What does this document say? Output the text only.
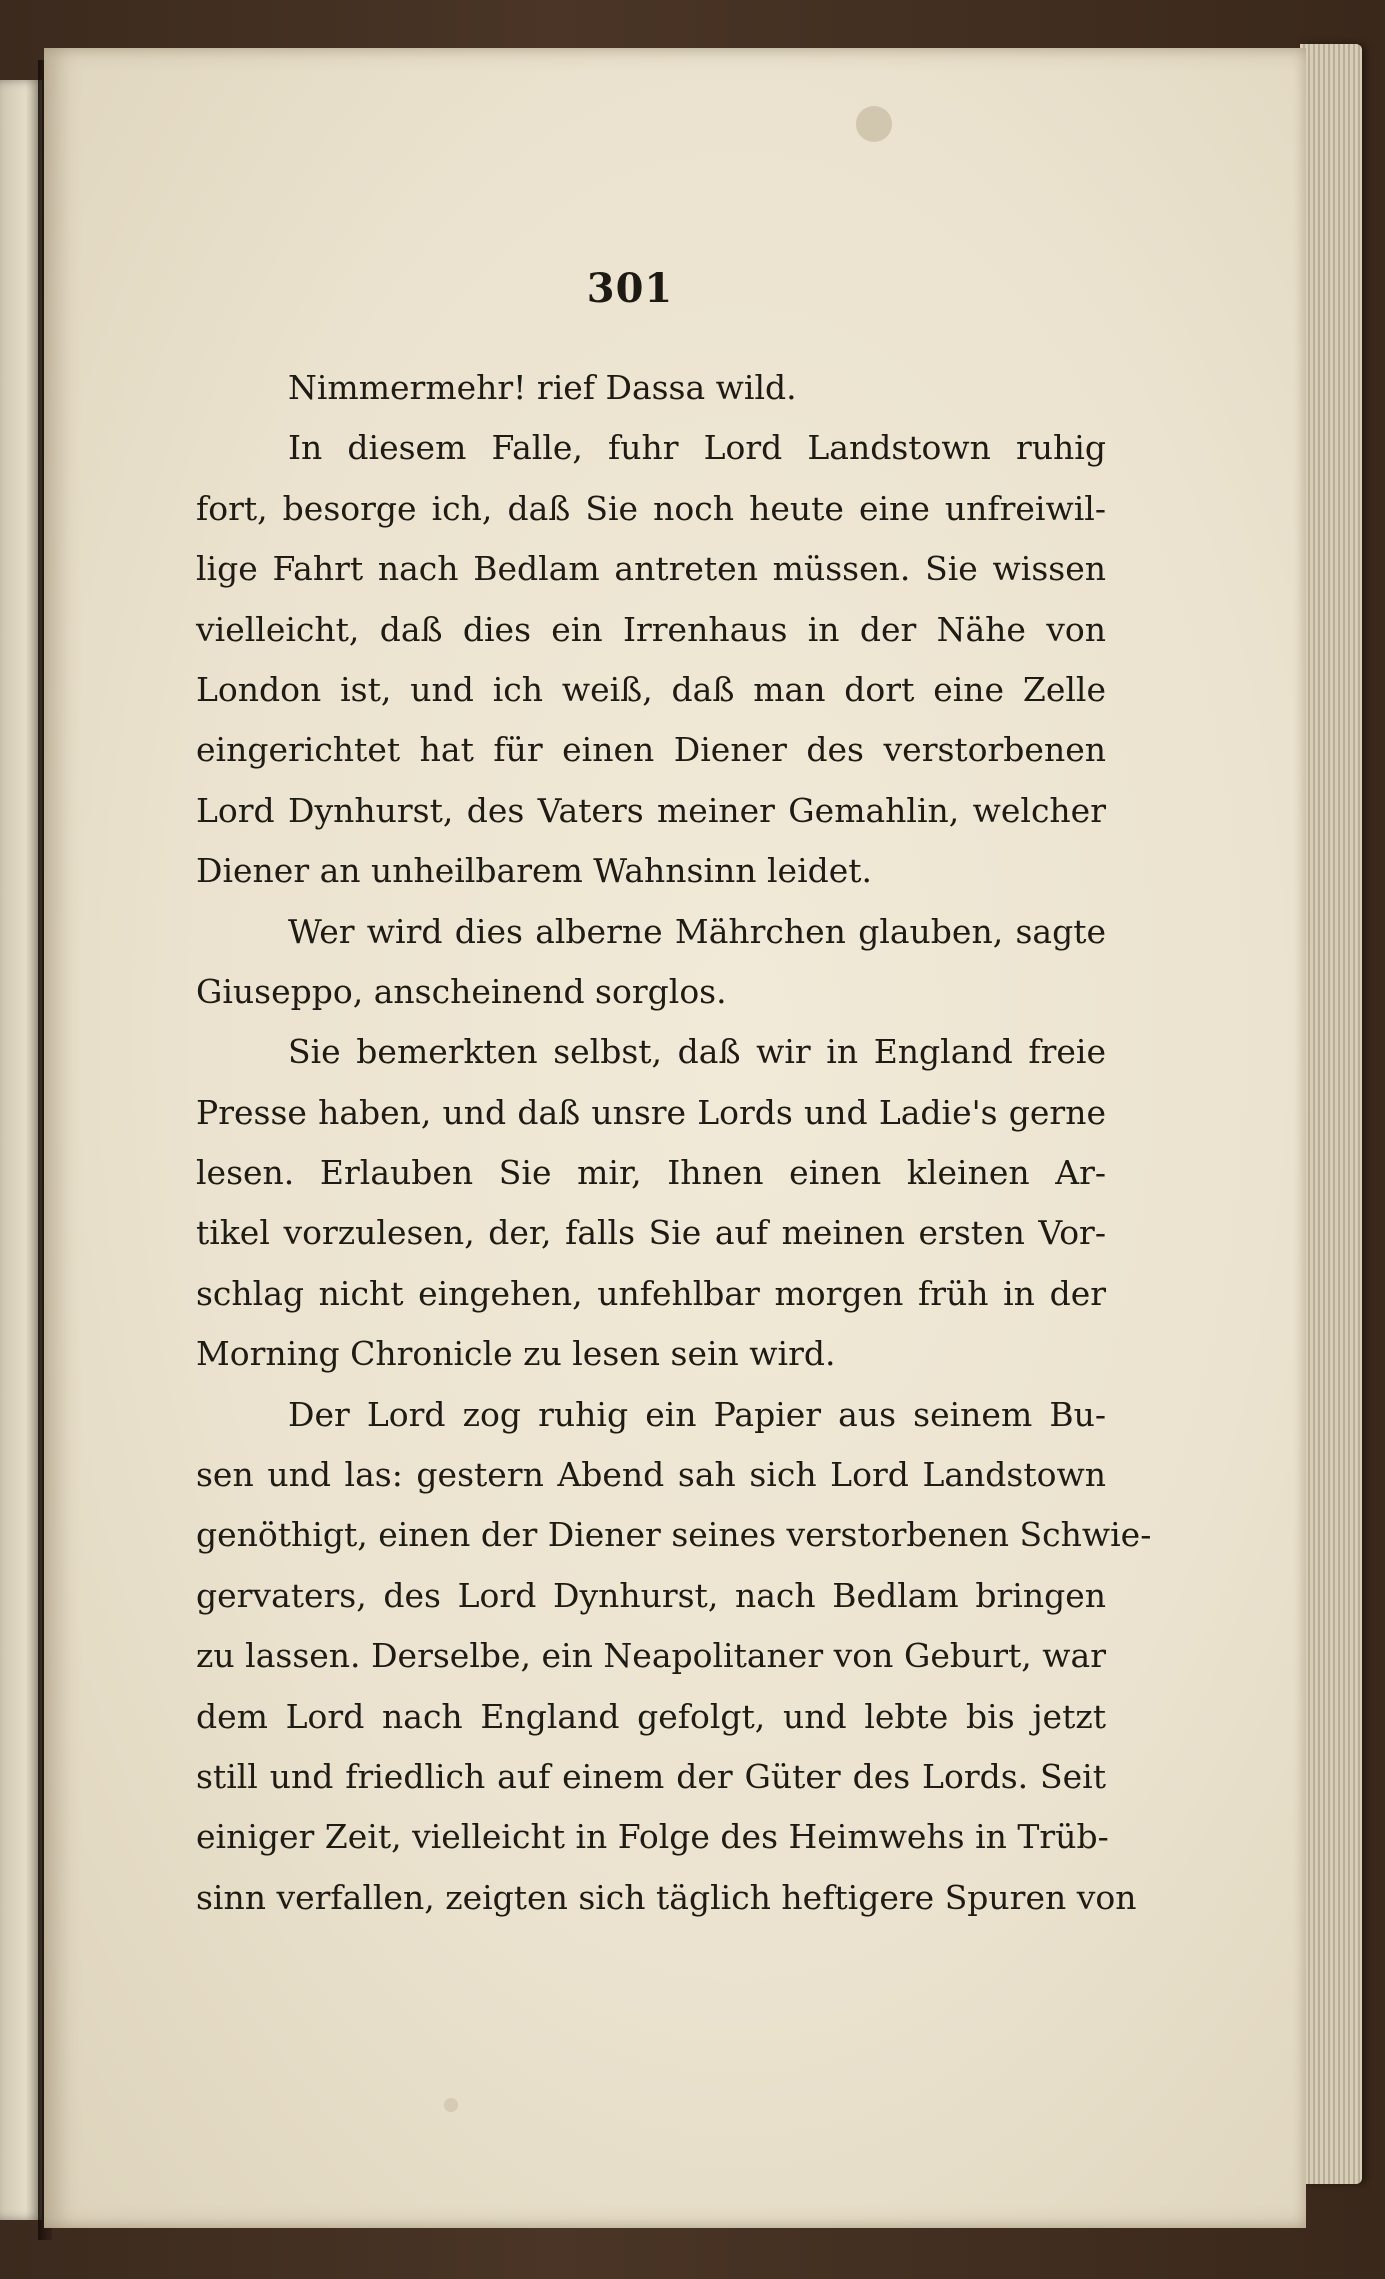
301
Nimmermehr! rief Dassa wild.
In diesem Falle, fuhr Lord Landstown ruhig
fort, besorge ich, daß Sie noch heute eine unfreiwil-
lige Fahrt nach Bedlam antreten müssen. Sie wissen
vielleicht, daß dies ein Irrenhaus in der Nähe von
London ist, und ich weiß, daß man dort eine Zelle
eingerichtet hat für einen Diener des verstorbenen
Lord Dynhurst, des Vaters meiner Gemahlin, welcher
Diener an unheilbarem Wahnsinn leidet.
Wer wird dies alberne Mährchen glauben, sagte
Giuseppo, anscheinend sorglos.
Sie bemerkten selbst, daß wir in England freie
Presse haben, und daß unsre Lords und Ladie's gerne
lesen. Erlauben Sie mir, Ihnen einen kleinen Ar-
tikel vorzulesen, der, falls Sie auf meinen ersten Vor-
schlag nicht eingehen, unfehlbar morgen früh in der
Morning Chronicle zu lesen sein wird.
Der Lord zog ruhig ein Papier aus seinem Bu-
sen und las: gestern Abend sah sich Lord Landstown
genöthigt, einen der Diener seines verstorbenen Schwie-
gervaters, des Lord Dynhurst, nach Bedlam bringen
zu lassen. Derselbe, ein Neapolitaner von Geburt, war
dem Lord nach England gefolgt, und lebte bis jetzt
still und friedlich auf einem der Güter des Lords. Seit
einiger Zeit, vielleicht in Folge des Heimwehs in Trüb-
sinn verfallen, zeigten sich täglich heftigere Spuren von
